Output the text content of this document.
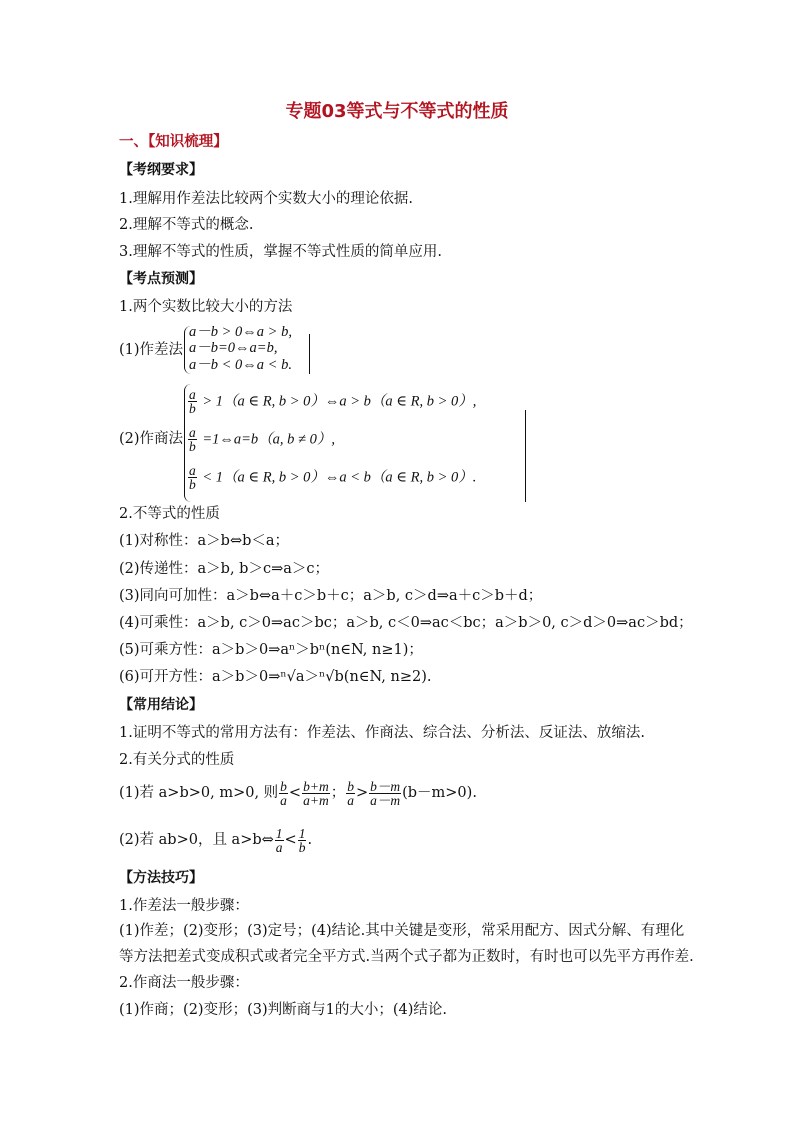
专题03等式与不等式的性质
一、【知识梳理】
【考纲要求】
1.理解用作差法比较两个实数大小的理论依据.
2.理解不等式的概念.
3.理解不等式的性质，掌握不等式性质的简单应用.
【考点预测】
1.两个实数比较大小的方法
(1)作差法
a－b > 0⇔a > b,
a－b=0⇔a=b,
a－b < 0⇔a < b.
(2)作商法
$\frac{a}{b} > 1(a$ ∈ R, b > 0）⇔a > b（a ∈ R, b > 0）,
$\frac{a}{b}$ =1⇔a=b（a, b ≠ 0）,
$\frac{a}{b} < 1(a$ ∈ R, b > 0）⇔a < b（a ∈ R, b > 0）.
2.不等式的性质
(1)对称性：a＞b⇔b＜a；
(2)传递性：a＞b, b＞c⇒a＞c；
(3)同向可加性：a＞b⇔a＋c＞b＋c；a＞b, c＞d⇒a＋c＞b＋d；
(4)可乘性：a＞b, c＞0⇒ac＞bc；a＞b, c＜0⇒ac＜bc；a＞b＞0, c＞d＞0⇒ac＞bd；
(5)可乘方性：a＞b＞0⇒aⁿ＞bⁿ(n∈N, n≥1)；
(6)可开方性：a＞b＞0⇒ⁿ√a＞ⁿ√b(n∈N, n≥2).
【常用结论】
1.证明不等式的常用方法有：作差法、作商法、综合法、分析法、反证法、放缩法.
2.有关分式的性质
(1)若 a>b>0, m>0, 则 $\frac{b}{a} < \frac{b+m}{a+m}$ ； $\frac{b}{a} > \frac{b-m}{a-m} (b-m>0)$.
(2)若 ab>0，且 a>b⇔ $\frac{1}{a} < \frac{1}{b}$ .
【方法技巧】
1.作差法一般步骤：
(1)作差；(2)变形；(3)定号；(4)结论.其中关键是变形，常采用配方、因式分解、有理化
等方法把差式变成积式或者完全平方式.当两个式子都为正数时，有时也可以先平方再作差.
2.作商法一般步骤：
(1)作商；(2)变形；(3)判断商与1的大小；(4)结论.
